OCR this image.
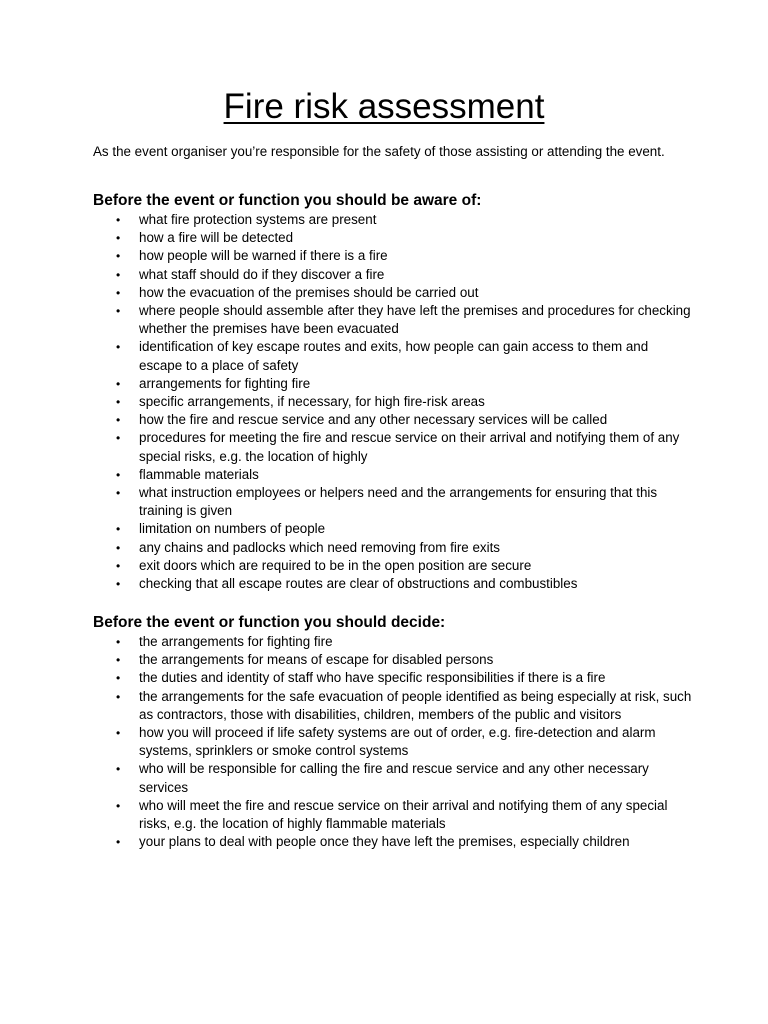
Fire risk assessment

As the event organiser you’re responsible for the safety of those assisting or attending the event.

Before the event or function you should be aware of:
• what fire protection systems are present
• how a fire will be detected
• how people will be warned if there is a fire
• what staff should do if they discover a fire
• how the evacuation of the premises should be carried out
• where people should assemble after they have left the premises and procedures for checking whether the premises have been evacuated
• identification of key escape routes and exits, how people can gain access to them and escape to a place of safety
• arrangements for fighting fire
• specific arrangements, if necessary, for high fire-risk areas
• how the fire and rescue service and any other necessary services will be called
• procedures for meeting the fire and rescue service on their arrival and notifying them of any special risks, e.g. the location of highly
• flammable materials
• what instruction employees or helpers need and the arrangements for ensuring that this training is given
• limitation on numbers of people
• any chains and padlocks which need removing from fire exits
• exit doors which are required to be in the open position are secure
• checking that all escape routes are clear of obstructions and combustibles
Before the event or function you should decide:
• the arrangements for fighting fire
• the arrangements for means of escape for disabled persons
• the duties and identity of staff who have specific responsibilities if there is a fire
• the arrangements for the safe evacuation of people identified as being especially at risk, such as contractors, those with disabilities, children, members of the public and visitors
• how you will proceed if life safety systems are out of order, e.g. fire-detection and alarm systems, sprinklers or smoke control systems
• who will be responsible for calling the fire and rescue service and any other necessary services
• who will meet the fire and rescue service on their arrival and notifying them of any special risks, e.g. the location of highly flammable materials
• your plans to deal with people once they have left the premises, especially children
